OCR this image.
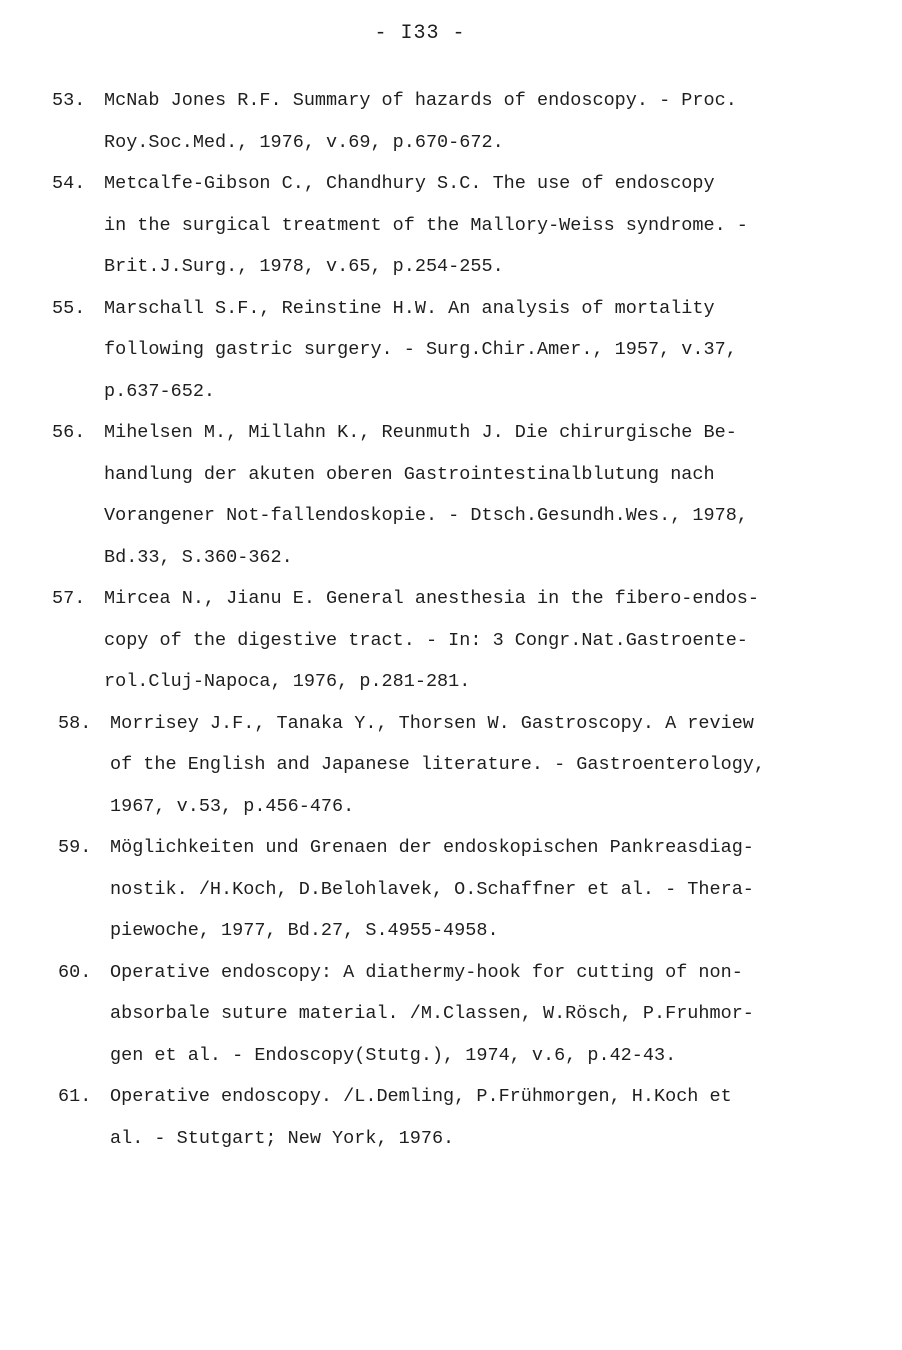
- I33 -
53.	McNab Jones R.F. Summary of hazards of endoscopy. - Proc.
Roy.Soc.Med., 1976, v.69, p.670-672.
54.	Metcalfe-Gibson C., Chandhury S.C. The use of endoscopy
in the surgical treatment of the Mallory-Weiss syndrome. -
Brit.J.Surg., 1978, v.65, p.254-255.
55.	Marschall S.F., Reinstine H.W. An analysis of mortality
following gastric surgery. - Surg.Chir.Amer., 1957, v.37,
p.637-652.
56.	Mihelsen M., Millahn K., Reunmuth J. Die chirurgische Be-
handlung der akuten oberen Gastrointestinalblutung nach
Vorangener Not-fallendoskopie. - Dtsch.Gesundh.Wes., 1978,
Bd.33, S.360-362.
57.	Mircea N., Jianu E. General anesthesia in the fibero-endos-
copy of the digestive tract. - In: 3 Congr.Nat.Gastroente-
rol.Cluj-Napoca, 1976, p.281-281.
58.	Morrisey J.F., Tanaka Y., Thorsen W. Gastroscopy. A review
of the English and Japanese literature. - Gastroenterology,
1967, v.53, p.456-476.
59.	Möglichkeiten und Grenaen der endoskopischen Pankreasdiag-
nostik. /H.Koch, D.Belohlavek, O.Schaffner et al. - Thera-
piewoche, 1977, Bd.27, S.4955-4958.
60.	Operative endoscopy: A diathermy-hook for cutting of non-
absorbale suture material. /M.Classen, W.Rösch, P.Fruhmor-
gen et al. - Endoscopy(Stutg.), 1974, v.6, p.42-43.
61.	Operative endoscopy. /L.Demling, P.Frühmorgen, H.Koch et
al. - Stutgart; New York, 1976.
